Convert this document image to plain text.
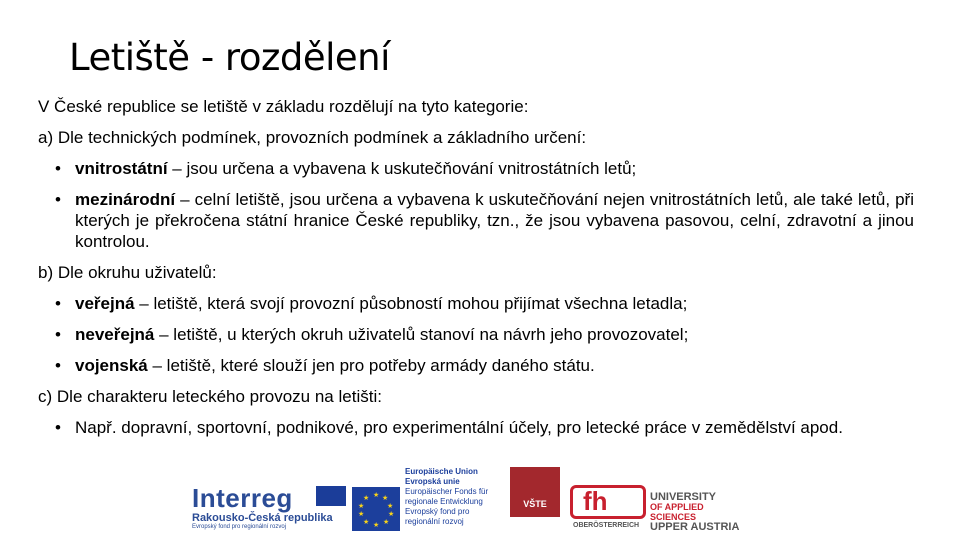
Letiště - rozdělení

V České republice se letiště v základu rozdělují na tyto kategorie:

a) Dle technických podmínek, provozních podmínek a základního určení:

• vnitrostátní – jsou určena a vybavena k uskutečňování vnitrostátních letů;
• mezinárodní – celní letiště, jsou určena a vybavena k uskutečňování nejen vnitrostátních letů, ale také letů, při kterých je překročena státní hranice České republiky, tzn., že jsou vybavena pasovou, celní, zdravotní a jinou kontrolou.

b) Dle okruhu uživatelů:

• veřejná – letiště, která svojí provozní působností mohou přijímat všechna letadla;
• neveřejná – letiště, u kterých okruh uživatelů stanoví na návrh jeho provozovatel;
• vojenská – letiště, které slouží jen pro potřeby armády daného státu.

c) Dle charakteru leteckého provozu na letišti:

• Např. dopravní, sportovní, podnikové, pro experimentální účely, pro letecké práce v zemědělství apod.
Interreg
Rakousko-Česká republika
Evropský fond pro regionální rozvoj
★ ★
★
★
★
★
★
★
★
★
Europäische Union
Evropská unie
Europäischer Fonds für
regionale Entwicklung
Evropský fond pro
regionální rozvoj
VŠTE	fh
OBERÖSTERREICH
UNIVERSITY
OF APPLIED SCIENCES
UPPER AUSTRIA
